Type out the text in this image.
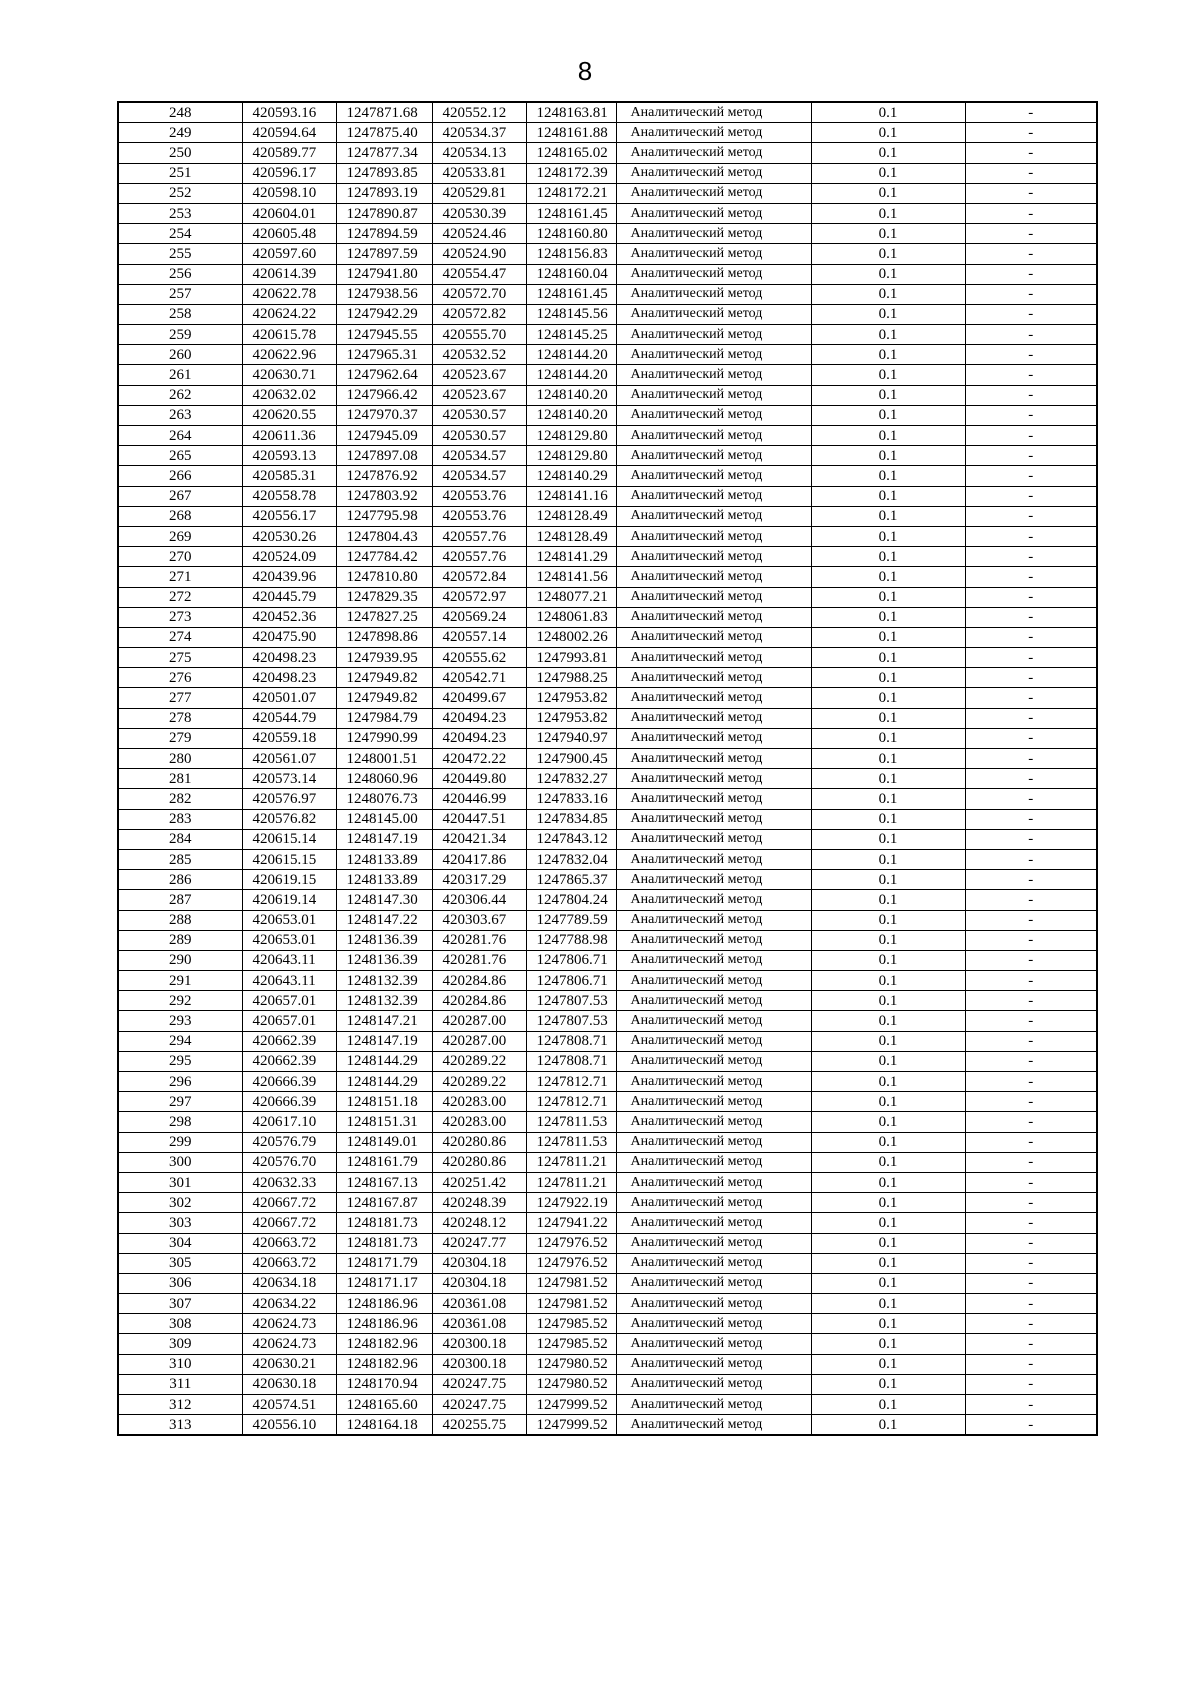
8
248	420593.16	1247871.68	420552.12	1248163.81	Аналитический метод	0.1	-
249	420594.64	1247875.40	420534.37	1248161.88	Аналитический метод	0.1	-
250	420589.77	1247877.34	420534.13	1248165.02	Аналитический метод	0.1	-
251	420596.17	1247893.85	420533.81	1248172.39	Аналитический метод	0.1	-
252	420598.10	1247893.19	420529.81	1248172.21	Аналитический метод	0.1	-
253	420604.01	1247890.87	420530.39	1248161.45	Аналитический метод	0.1	-
254	420605.48	1247894.59	420524.46	1248160.80	Аналитический метод	0.1	-
255	420597.60	1247897.59	420524.90	1248156.83	Аналитический метод	0.1	-
256	420614.39	1247941.80	420554.47	1248160.04	Аналитический метод	0.1	-
257	420622.78	1247938.56	420572.70	1248161.45	Аналитический метод	0.1	-
258	420624.22	1247942.29	420572.82	1248145.56	Аналитический метод	0.1	-
259	420615.78	1247945.55	420555.70	1248145.25	Аналитический метод	0.1	-
260	420622.96	1247965.31	420532.52	1248144.20	Аналитический метод	0.1	-
261	420630.71	1247962.64	420523.67	1248144.20	Аналитический метод	0.1	-
262	420632.02	1247966.42	420523.67	1248140.20	Аналитический метод	0.1	-
263	420620.55	1247970.37	420530.57	1248140.20	Аналитический метод	0.1	-
264	420611.36	1247945.09	420530.57	1248129.80	Аналитический метод	0.1	-
265	420593.13	1247897.08	420534.57	1248129.80	Аналитический метод	0.1	-
266	420585.31	1247876.92	420534.57	1248140.29	Аналитический метод	0.1	-
267	420558.78	1247803.92	420553.76	1248141.16	Аналитический метод	0.1	-
268	420556.17	1247795.98	420553.76	1248128.49	Аналитический метод	0.1	-
269	420530.26	1247804.43	420557.76	1248128.49	Аналитический метод	0.1	-
270	420524.09	1247784.42	420557.76	1248141.29	Аналитический метод	0.1	-
271	420439.96	1247810.80	420572.84	1248141.56	Аналитический метод	0.1	-
272	420445.79	1247829.35	420572.97	1248077.21	Аналитический метод	0.1	-
273	420452.36	1247827.25	420569.24	1248061.83	Аналитический метод	0.1	-
274	420475.90	1247898.86	420557.14	1248002.26	Аналитический метод	0.1	-
275	420498.23	1247939.95	420555.62	1247993.81	Аналитический метод	0.1	-
276	420498.23	1247949.82	420542.71	1247988.25	Аналитический метод	0.1	-
277	420501.07	1247949.82	420499.67	1247953.82	Аналитический метод	0.1	-
278	420544.79	1247984.79	420494.23	1247953.82	Аналитический метод	0.1	-
279	420559.18	1247990.99	420494.23	1247940.97	Аналитический метод	0.1	-
280	420561.07	1248001.51	420472.22	1247900.45	Аналитический метод	0.1	-
281	420573.14	1248060.96	420449.80	1247832.27	Аналитический метод	0.1	-
282	420576.97	1248076.73	420446.99	1247833.16	Аналитический метод	0.1	-
283	420576.82	1248145.00	420447.51	1247834.85	Аналитический метод	0.1	-
284	420615.14	1248147.19	420421.34	1247843.12	Аналитический метод	0.1	-
285	420615.15	1248133.89	420417.86	1247832.04	Аналитический метод	0.1	-
286	420619.15	1248133.89	420317.29	1247865.37	Аналитический метод	0.1	-
287	420619.14	1248147.30	420306.44	1247804.24	Аналитический метод	0.1	-
288	420653.01	1248147.22	420303.67	1247789.59	Аналитический метод	0.1	-
289	420653.01	1248136.39	420281.76	1247788.98	Аналитический метод	0.1	-
290	420643.11	1248136.39	420281.76	1247806.71	Аналитический метод	0.1	-
291	420643.11	1248132.39	420284.86	1247806.71	Аналитический метод	0.1	-
292	420657.01	1248132.39	420284.86	1247807.53	Аналитический метод	0.1	-
293	420657.01	1248147.21	420287.00	1247807.53	Аналитический метод	0.1	-
294	420662.39	1248147.19	420287.00	1247808.71	Аналитический метод	0.1	-
295	420662.39	1248144.29	420289.22	1247808.71	Аналитический метод	0.1	-
296	420666.39	1248144.29	420289.22	1247812.71	Аналитический метод	0.1	-
297	420666.39	1248151.18	420283.00	1247812.71	Аналитический метод	0.1	-
298	420617.10	1248151.31	420283.00	1247811.53	Аналитический метод	0.1	-
299	420576.79	1248149.01	420280.86	1247811.53	Аналитический метод	0.1	-
300	420576.70	1248161.79	420280.86	1247811.21	Аналитический метод	0.1	-
301	420632.33	1248167.13	420251.42	1247811.21	Аналитический метод	0.1	-
302	420667.72	1248167.87	420248.39	1247922.19	Аналитический метод	0.1	-
303	420667.72	1248181.73	420248.12	1247941.22	Аналитический метод	0.1	-
304	420663.72	1248181.73	420247.77	1247976.52	Аналитический метод	0.1	-
305	420663.72	1248171.79	420304.18	1247976.52	Аналитический метод	0.1	-
306	420634.18	1248171.17	420304.18	1247981.52	Аналитический метод	0.1	-
307	420634.22	1248186.96	420361.08	1247981.52	Аналитический метод	0.1	-
308	420624.73	1248186.96	420361.08	1247985.52	Аналитический метод	0.1	-
309	420624.73	1248182.96	420300.18	1247985.52	Аналитический метод	0.1	-
310	420630.21	1248182.96	420300.18	1247980.52	Аналитический метод	0.1	-
311	420630.18	1248170.94	420247.75	1247980.52	Аналитический метод	0.1	-
312	420574.51	1248165.60	420247.75	1247999.52	Аналитический метод	0.1	-
313	420556.10	1248164.18	420255.75	1247999.52	Аналитический метод	0.1	-
